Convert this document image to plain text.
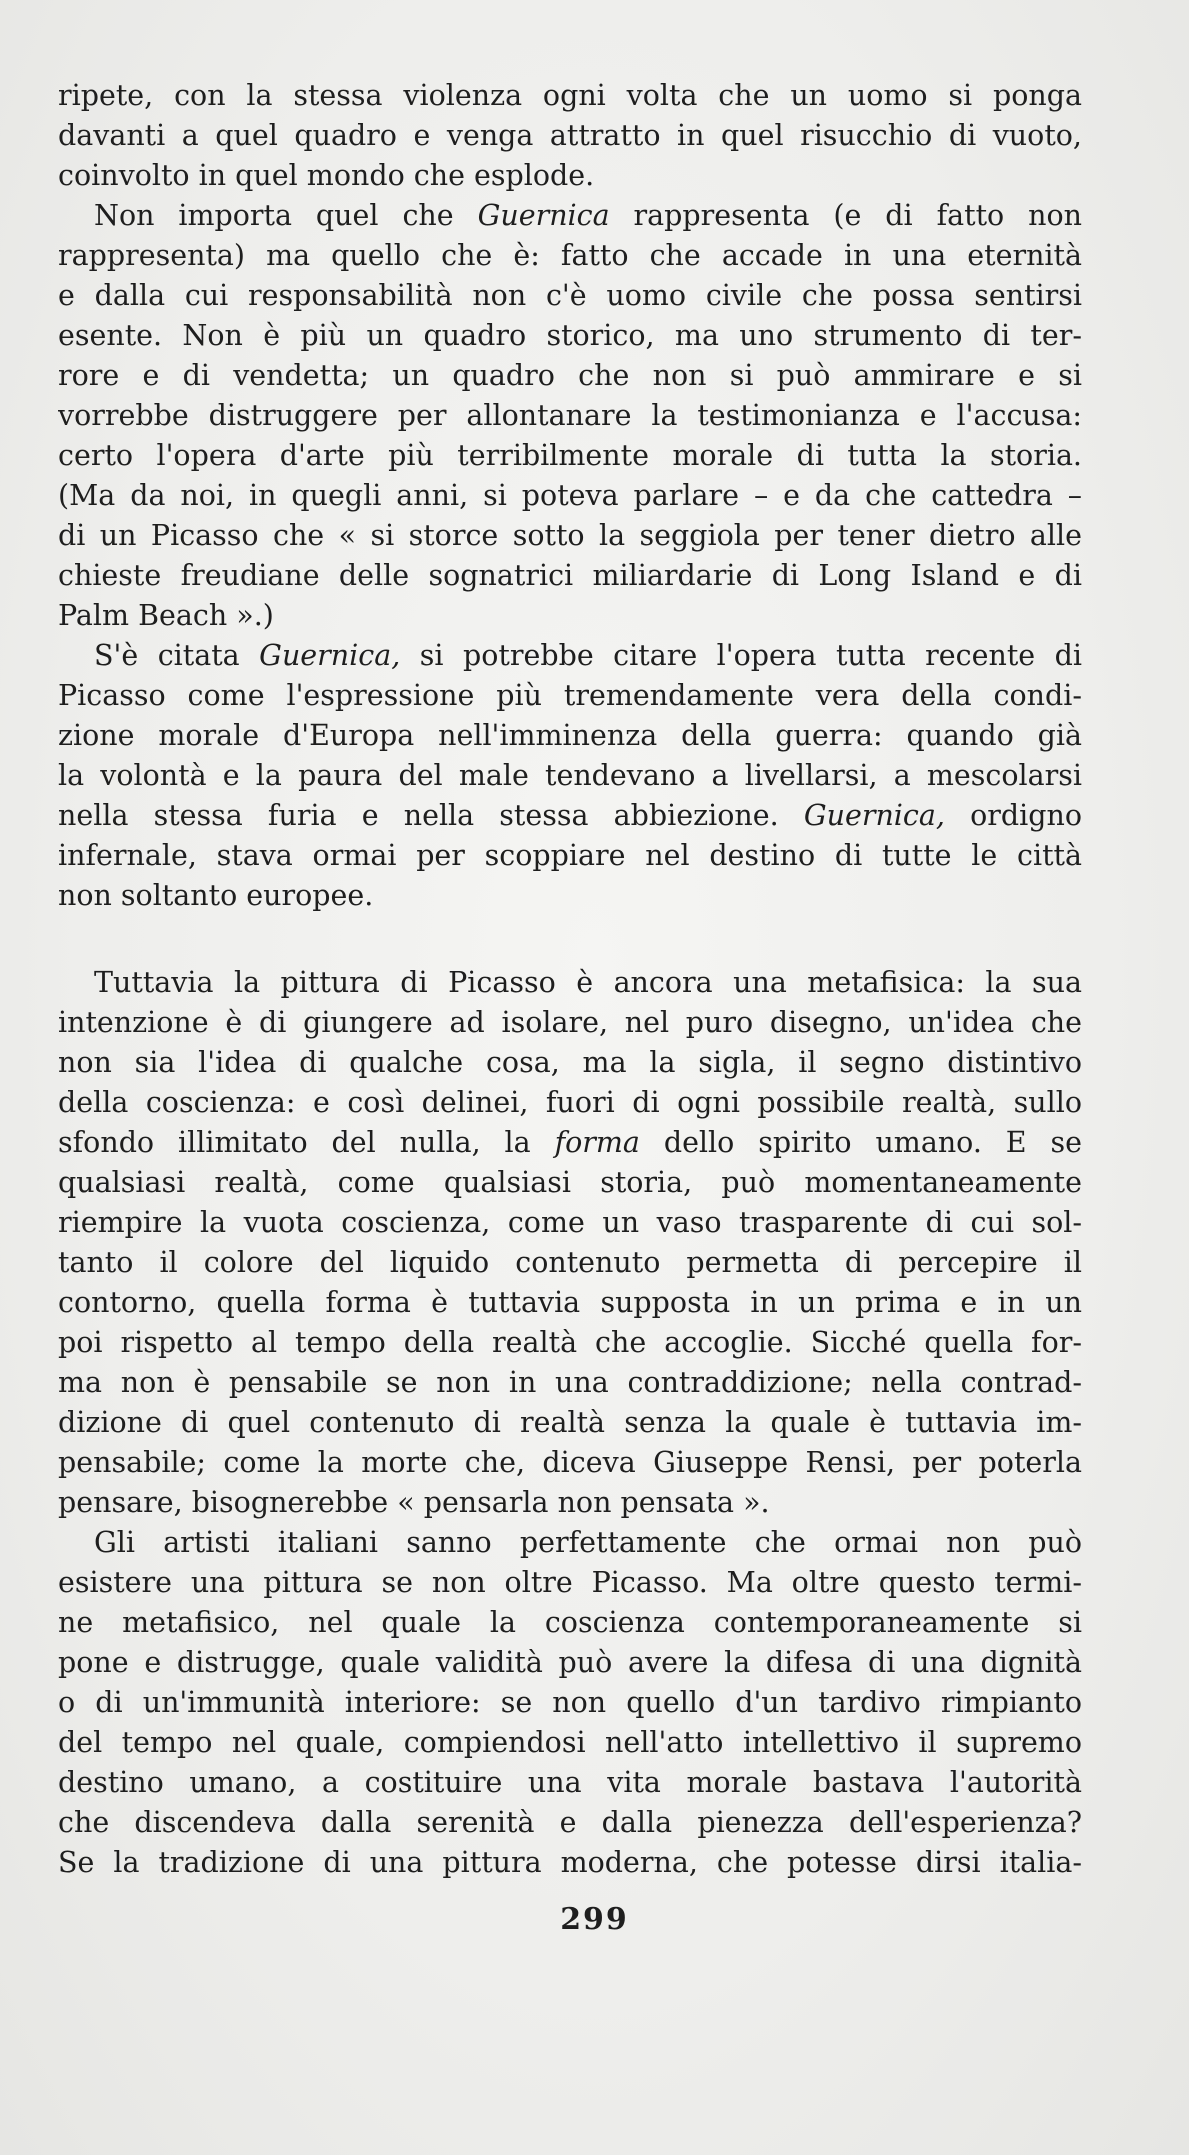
ripete, con la stessa violenza ogni volta che un uomo si ponga
davanti a quel quadro e venga attratto in quel risucchio di vuoto,
coinvolto in quel mondo che esplode.
Non importa quel che Guernica rappresenta (e di fatto non
rappresenta) ma quello che è: fatto che accade in una eternità
e dalla cui responsabilità non c'è uomo civile che possa sentirsi
esente. Non è più un quadro storico, ma uno strumento di ter-
rore e di vendetta; un quadro che non si può ammirare e si
vorrebbe distruggere per allontanare la testimonianza e l'accusa:
certo l'opera d'arte più terribilmente morale di tutta la storia.
(Ma da noi, in quegli anni, si poteva parlare – e da che cattedra –
di un Picasso che « si storce sotto la seggiola per tener dietro alle
chieste freudiane delle sognatrici miliardarie di Long Island e di
Palm Beach ».)
S'è citata Guernica, si potrebbe citare l'opera tutta recente di
Picasso come l'espressione più tremendamente vera della condi-
zione morale d'Europa nell'imminenza della guerra: quando già
la volontà e la paura del male tendevano a livellarsi, a mescolarsi
nella stessa furia e nella stessa abbiezione. Guernica, ordigno
infernale, stava ormai per scoppiare nel destino di tutte le città
non soltanto europee.
Tuttavia la pittura di Picasso è ancora una metafisica: la sua
intenzione è di giungere ad isolare, nel puro disegno, un'idea che
non sia l'idea di qualche cosa, ma la sigla, il segno distintivo
della coscienza: e così delinei, fuori di ogni possibile realtà, sullo
sfondo illimitato del nulla, la forma dello spirito umano. E se
qualsiasi realtà, come qualsiasi storia, può momentaneamente
riempire la vuota coscienza, come un vaso trasparente di cui sol-
tanto il colore del liquido contenuto permetta di percepire il
contorno, quella forma è tuttavia supposta in un prima e in un
poi rispetto al tempo della realtà che accoglie. Sicché quella for-
ma non è pensabile se non in una contraddizione; nella contrad-
dizione di quel contenuto di realtà senza la quale è tuttavia im-
pensabile; come la morte che, diceva Giuseppe Rensi, per poterla
pensare, bisognerebbe « pensarla non pensata ».
Gli artisti italiani sanno perfettamente che ormai non può
esistere una pittura se non oltre Picasso. Ma oltre questo termi-
ne metafisico, nel quale la coscienza contemporaneamente si
pone e distrugge, quale validità può avere la difesa di una dignità
o di un'immunità interiore: se non quello d'un tardivo rimpianto
del tempo nel quale, compiendosi nell'atto intellettivo il supremo
destino umano, a costituire una vita morale bastava l'autorità
che discendeva dalla serenità e dalla pienezza dell'esperienza?
Se la tradizione di una pittura moderna, che potesse dirsi italia-
299
